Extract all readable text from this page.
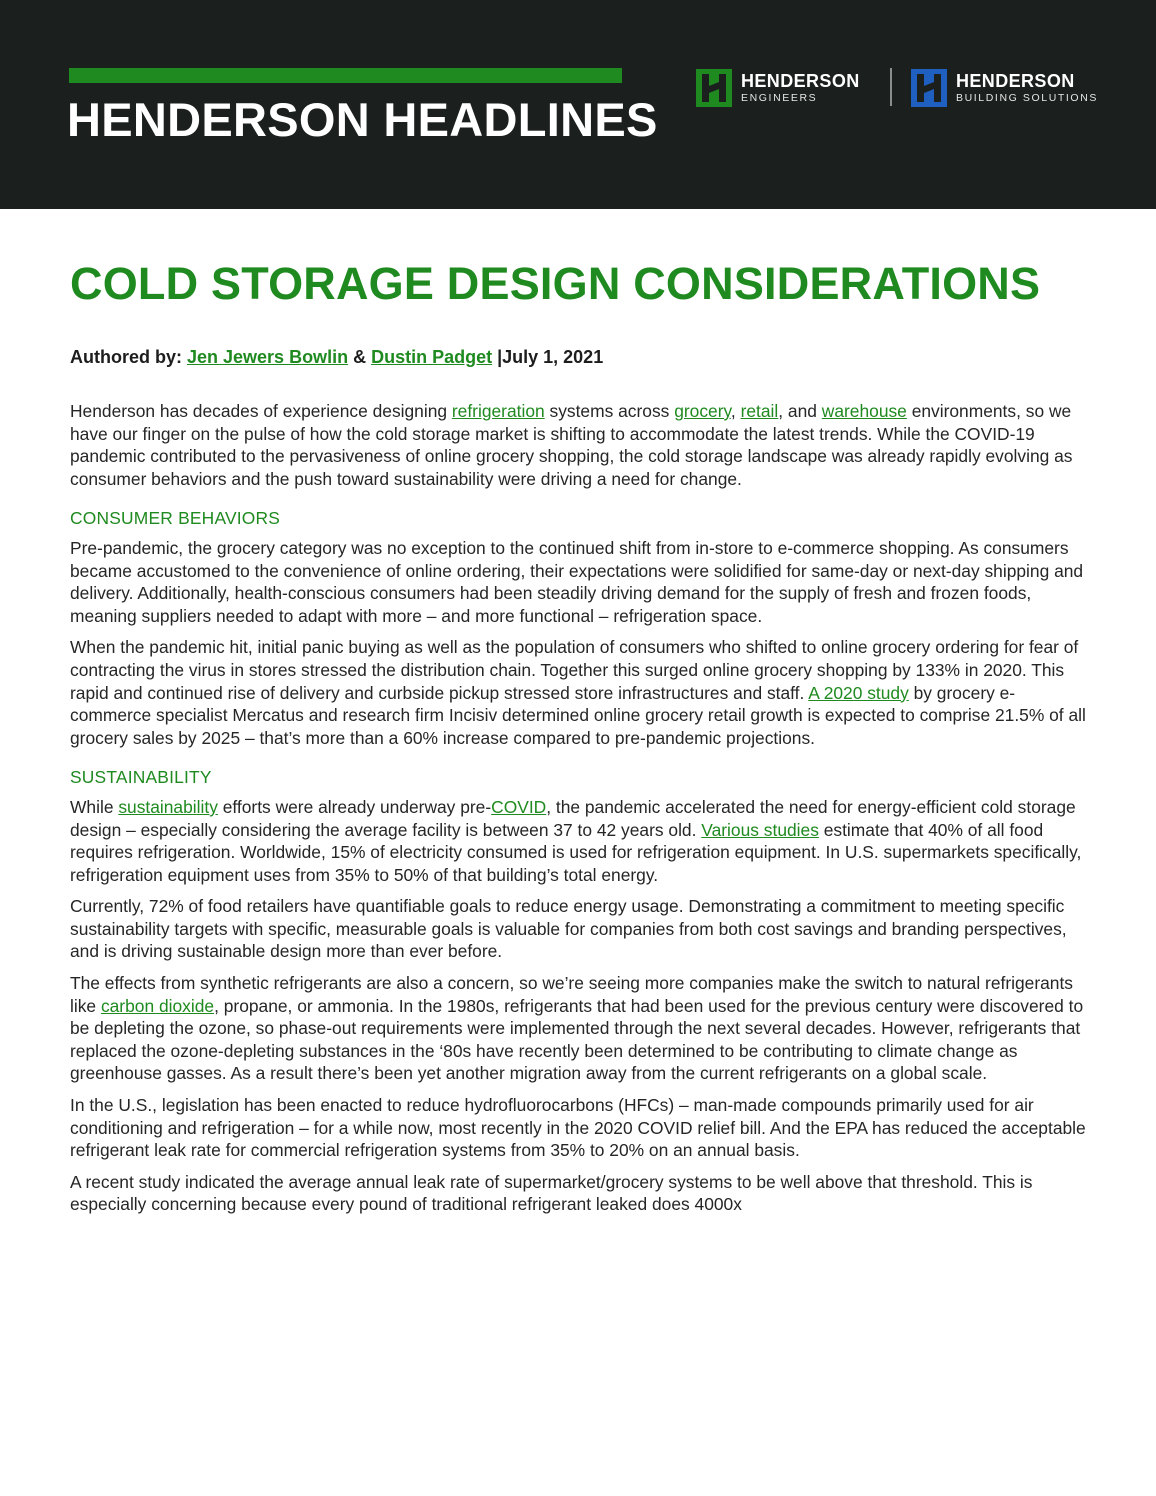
HENDERSON HEADLINES
HENDERSON
ENGINEERS
HENDERSON
BUILDING SOLUTIONS
COLD STORAGE DESIGN CONSIDERATIONS
Authored by: Jen Jewers Bowlin & Dustin Padget |July 1, 2021

Henderson has decades of experience designing refrigeration systems across grocery, retail, and warehouse environments, so we have our finger on the pulse of how the cold storage market is shifting to accommodate the latest trends. While the COVID-19 pandemic contributed to the pervasiveness of online grocery shopping, the cold storage landscape was already rapidly evolving as consumer behaviors and the push toward sustainability were driving a need for change.

CONSUMER BEHAVIORS

Pre-pandemic, the grocery category was no exception to the continued shift from in-store to e-commerce shopping. As consumers became accustomed to the convenience of online ordering, their expectations were solidified for same-day or next-day shipping and delivery. Additionally, health-conscious consumers had been steadily driving demand for the supply of fresh and frozen foods, meaning suppliers needed to adapt with more – and more functional – refrigeration space.

When the pandemic hit, initial panic buying as well as the population of consumers who shifted to online grocery ordering for fear of contracting the virus in stores stressed the distribution chain. Together this surged online grocery shopping by 133% in 2020. This rapid and continued rise of delivery and curbside pickup stressed store infrastructures and staff. A 2020 study by grocery e-commerce specialist Mercatus and research firm Incisiv determined online grocery retail growth is expected to comprise 21.5% of all grocery sales by 2025 – that’s more than a 60% increase compared to pre-pandemic projections.

SUSTAINABILITY

While sustainability efforts were already underway pre-COVID, the pandemic accelerated the need for energy-efficient cold storage design – especially considering the average facility is between 37 to 42 years old. Various studies estimate that 40% of all food requires refrigeration. Worldwide, 15% of electricity consumed is used for refrigeration equipment. In U.S. supermarkets specifically, refrigeration equipment uses from 35% to 50% of that building’s total energy.

Currently, 72% of food retailers have quantifiable goals to reduce energy usage. Demonstrating a commitment to meeting specific sustainability targets with specific, measurable goals is valuable for companies from both cost savings and branding perspectives, and is driving sustainable design more than ever before.

The effects from synthetic refrigerants are also a concern, so we’re seeing more companies make the switch to natural refrigerants like carbon dioxide, propane, or ammonia. In the 1980s, refrigerants that had been used for the previous century were discovered to be depleting the ozone, so phase-out requirements were implemented through the next several decades. However, refrigerants that replaced the ozone-depleting substances in the ‘80s have recently been determined to be contributing to climate change as greenhouse gasses. As a result there’s been yet another migration away from the current refrigerants on a global scale.

In the U.S., legislation has been enacted to reduce hydrofluorocarbons (HFCs) – man-made compounds primarily used for air conditioning and refrigeration – for a while now, most recently in the 2020 COVID relief bill. And the EPA has reduced the acceptable refrigerant leak rate for commercial refrigeration systems from 35% to 20% on an annual basis.

A recent study indicated the average annual leak rate of supermarket/grocery systems to be well above that threshold. This is especially concerning because every pound of traditional refrigerant leaked does 4000x
